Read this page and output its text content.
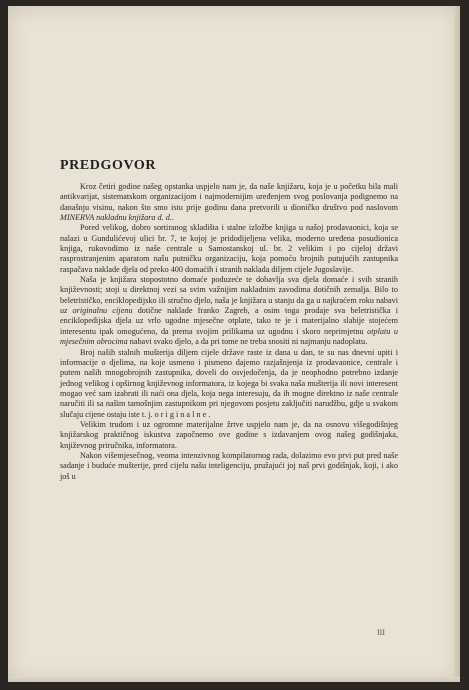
PREDGOVOR

Kroz četiri godine našeg opstanka uspjelo nam je, da naše knjižaru, koja je u početku bila mali antikvarijat, sistematskom organizacijom i najmodernijim uređenjem svog poslovanja podignemo na današnju visinu, nakon što smo istu prije godinu dana pretvorili u dioničko društvo pod naslovom MINERVA nakladnu knjižara d. d..

Pored velikog, dobro sortiranog skladišta i stalne izložbe knjiga u našoj prodavaonici, koja se nalazi u Gundulićevoj ulici br. 7, te kojoj je pridodijeljena velika, moderno uređena posudionica knjiga, rukovodimo iz naše centrale u Samostanskoj ul. br. 2 velikim i po cijeloj državi rasprostranjenim aparatom našu putničku organizaciju, koja pomoću brojnih putujućih zastupnika raspačava naklade djela od preko 400 domaćih i stranih naklada diljem cijele Jugoslavije.

Naša je knjižara stopostotno domaće poduzeće te dobavlja sva djela domaće i svih stranih književnosti; stoji u direktnoj vezi sa svim važnijim nakladnim zavodima dotičnih zemalja. Bilo to beletrističko, enciklopedijsko ili stručno djelo, naša je knjižara u stanju da ga u najkraćem roku nabavi uz originalnu cijenu dotične naklade franko Zagreb, a osim toga prodaje sva beletristička i enciklopedijska djela uz vrlo ugodne mjesečne otplate, tako te je i materijalno slabije stojećem interesentu ipak omogućeno, da prema svojim prilikama uz ugodnu i skoro neprimjetnu otplatu u mjesečnim obrocima nabavi svako djelo, a da pri tome ne treba snositi ni najmanju nadoplatu.

Broj naših stalnih mušterija diljem cijele države raste iz dana u dan, te su nas dnevni upiti i informacije o djelima, na koje usmeno i pismeno dajemo razjašnjenja iz prodavaonice, centrale i putem naših mnogobrojnih zastupnika, doveli do osvjedočenja, da je neophodno potrebno izdanje jednog velikog i opširnog književnog informatora, iz kojega bi svaka naša mušterija ili novi interesent mogao već sam izabrati ili naći ona djela, koja nega interesuju, da ih mogne direktno iz naše centrale naručiti ili sa našim tamošnjim zastupnikom pri njegovom posjetu zaključiti narudžbu, gdje u svakom slučaju cijene ostaju iste t. j. o r i g i n a l n e .

Velikim trudom i uz ogromne materijalne žrtve uspjelo nam je, da na osnovu višegodišnjeg knjižarskog praktičnog iskustva započnemo ove godine s izdavanjem ovog našeg godišnjaka, književnog priručnika, informatora.

Nakon višemjesečnog, veoma intenzivnog kompilatornog rada, dolazimo evo prvi put pred naše sadanje i buduće mušterije, pred cijelu našu inteligenciju, pružajući joj naš prvi godišnjak, koji, i ako još u

III
